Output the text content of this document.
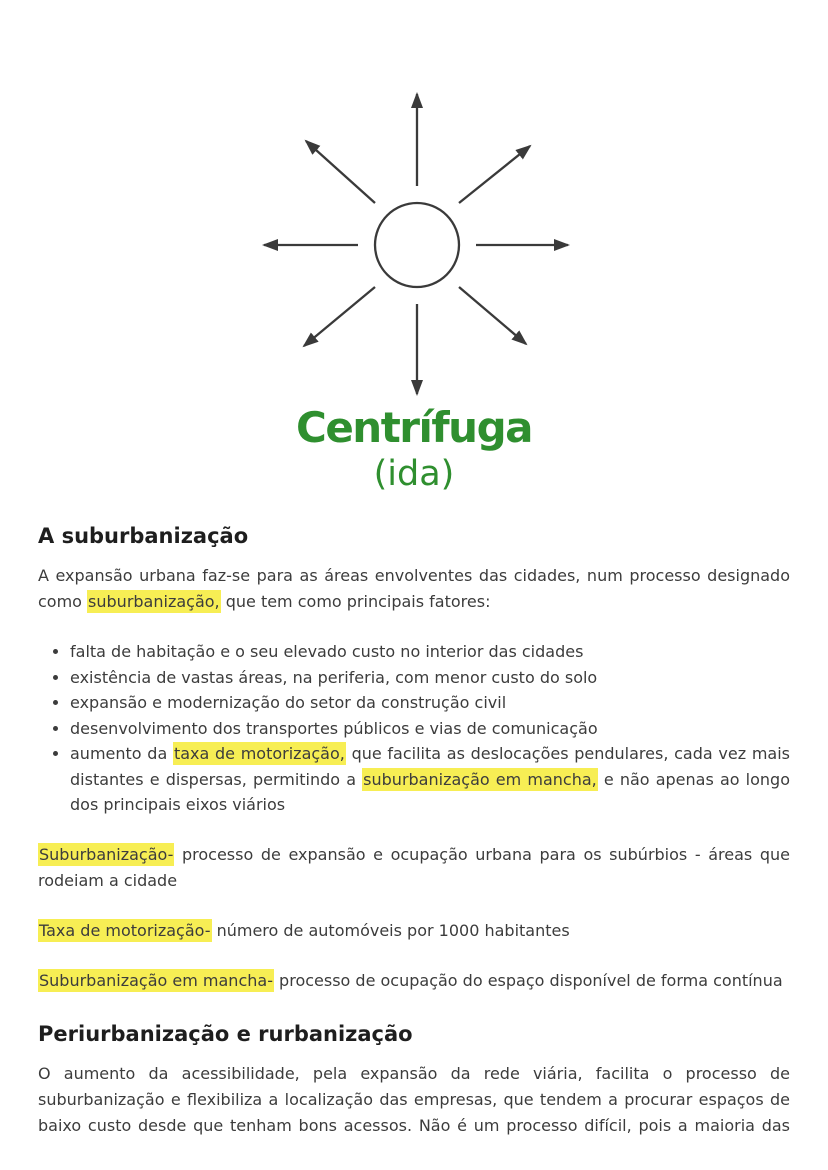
Centrífuga
(ida)
A suburbanização

A expansão urbana faz-se para as áreas envolventes das cidades, num processo designado como suburbanização, que tem como principais fatores:

• falta de habitação e o seu elevado custo no interior das cidades
• existência de vastas áreas, na periferia, com menor custo do solo
• expansão e modernização do setor da construção civil
• desenvolvimento dos transportes públicos e vias de comunicação
• aumento da taxa de motorização, que facilita as deslocações pendulares, cada vez mais distantes e dispersas, permitindo a suburbanização em mancha, e não apenas ao longo dos principais eixos viários

Suburbanização- processo de expansão e ocupação urbana para os subúrbios - áreas que rodeiam a cidade

Taxa de motorização- número de automóveis por 1000 habitantes

Suburbanização em mancha- processo de ocupação do espaço disponível de forma contínua

Periurbanização e rurbanização

O aumento da acessibilidade, pela expansão da rede viária, facilita o processo de suburbanização e flexibiliza a localização das empresas, que tendem a procurar espaços de baixo custo desde que tenham bons acessos. Não é um processo difícil, pois a maioria das
